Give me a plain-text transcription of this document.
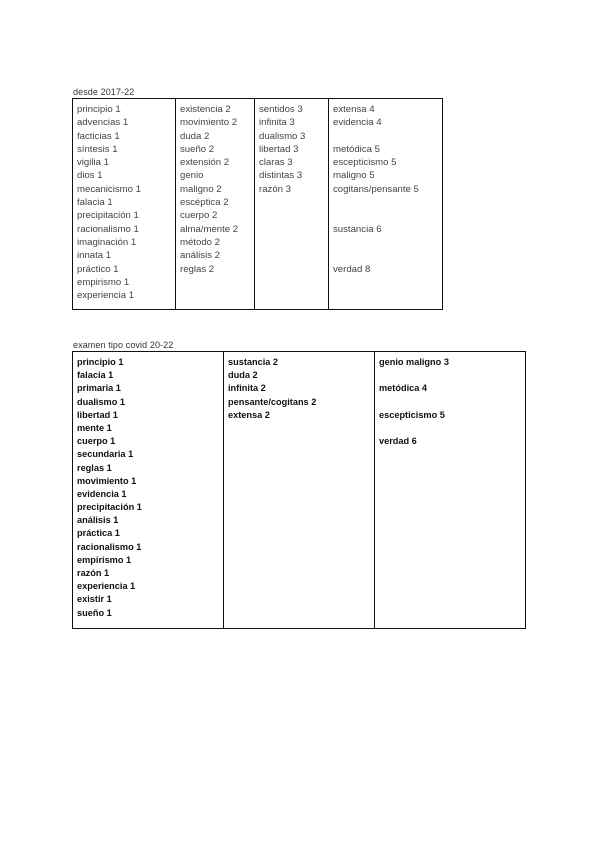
desde 2017-22
principio 1
advencias 1
facticias 1
síntesis 1
vigilia 1
dios 1
mecanicismo 1
falacia 1
precipitación 1
racionalismo 1
imaginación 1
innata 1
práctico 1
empirismo 1
experiencia 1

existencia 2
movimiento 2
duda 2
sueño 2
extensión 2
genio
maligno 2
escéptica 2
cuerpo 2
alma/mente 2
método 2
análisis 2
reglas 2

sentidos 3
infinita 3
dualismo 3
libertad 3
claras 3
distintas 3
razón 3

extensa 4
evidencia 4
metódica 5
escepticismo 5
maligno 5
cogitans/pensante 5
sustancia 6
verdad 8
examen tipo covid 20-22
principio 1
falacia 1
primaria 1
dualismo 1
libertad 1
mente 1
cuerpo 1
secundaria 1
reglas 1
movimiento 1
evidencia 1
precipitación 1
análisis 1
práctica 1
racionalismo 1
empirismo 1
razón 1
experiencia 1
existir 1
sueño 1

sustancia 2
duda 2
infinita 2
pensante/cogitans 2
extensa 2

genio maligno 3
metódica 4
escepticismo 5
verdad 6
